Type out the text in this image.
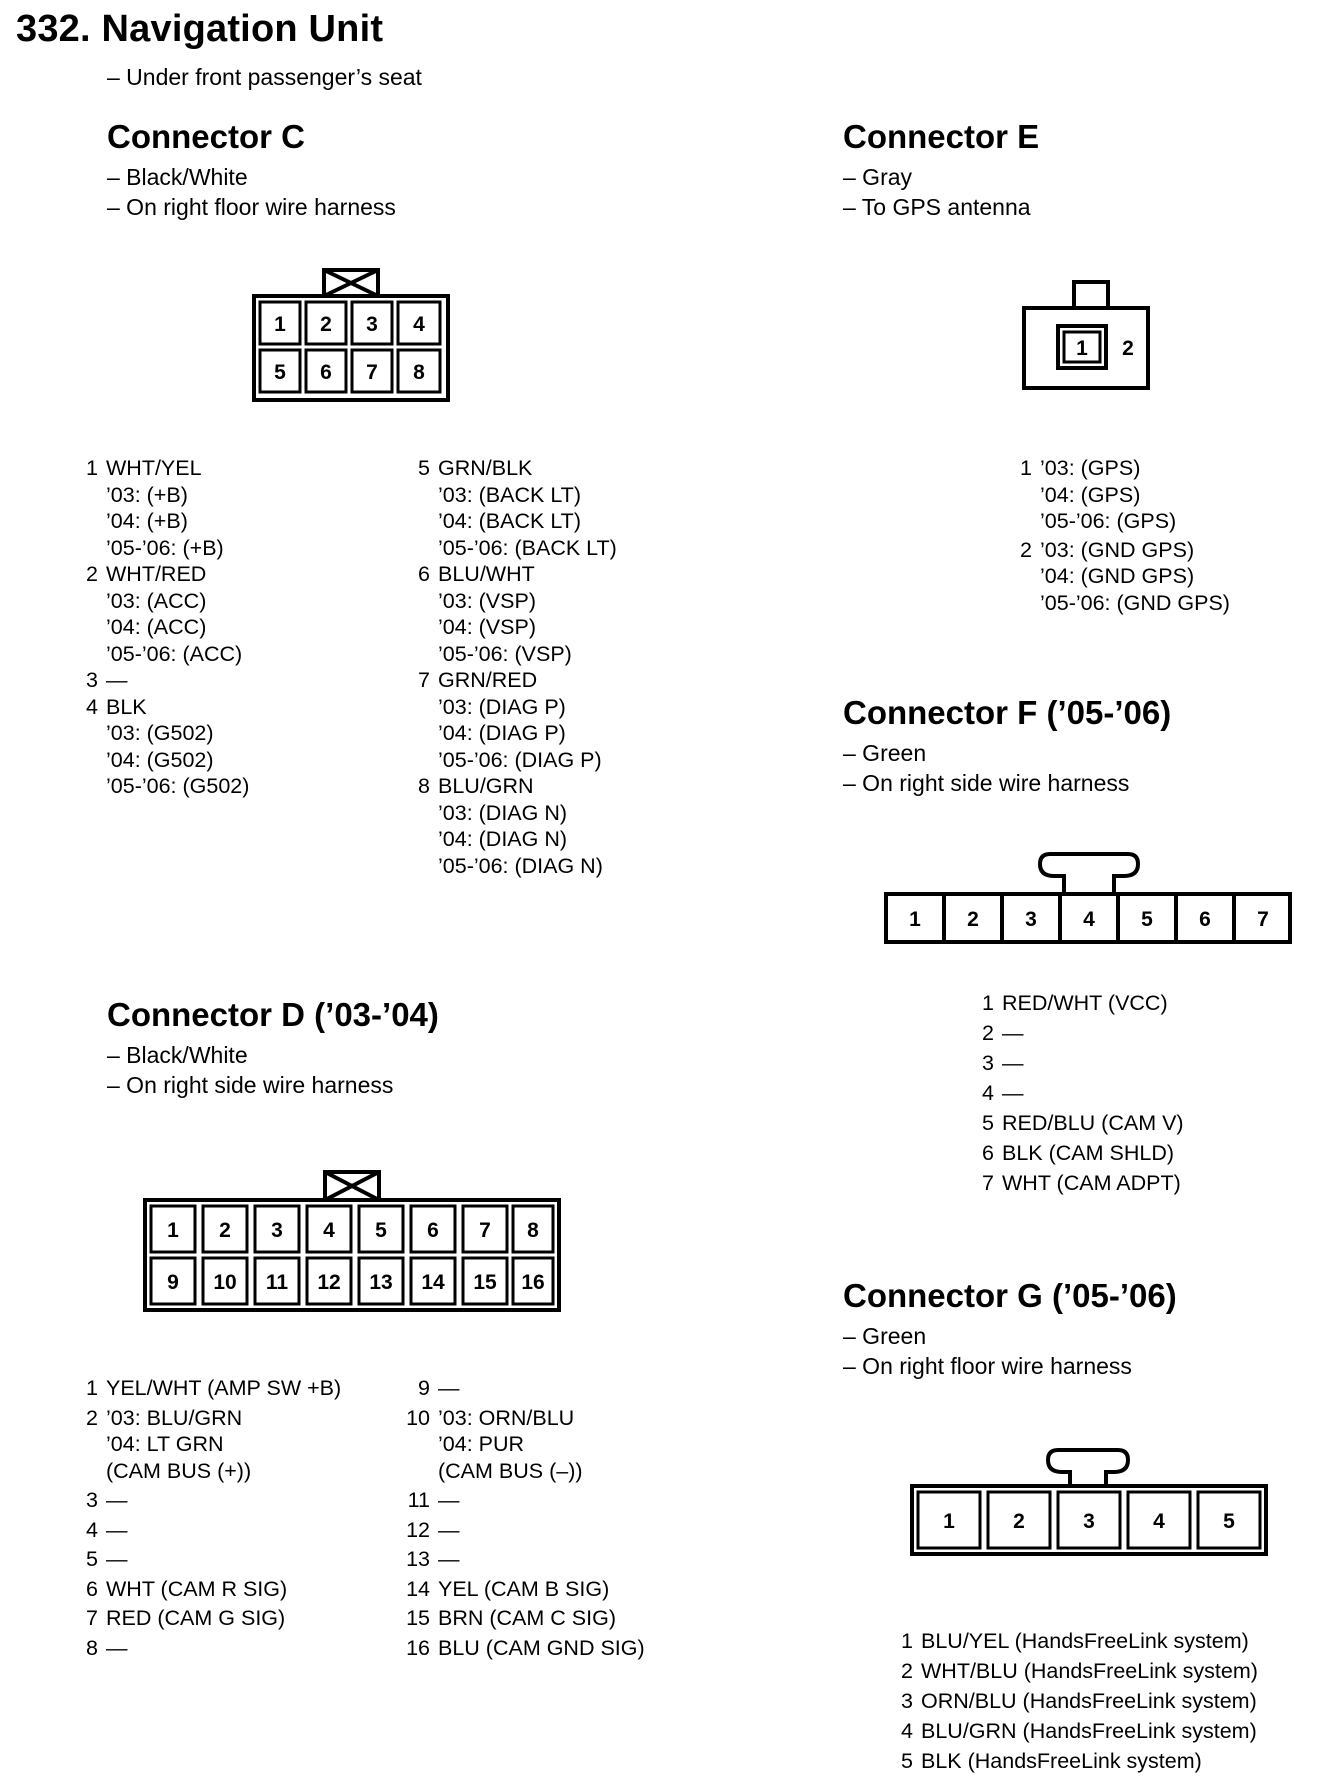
332. Navigation Unit
– Under front passenger’s seat
Connector C
– Black/White
– On right floor wire harness
1 2 3 4
5 6 7 8
1 WHT/YEL
’03: (+B)
’04: (+B)
’05-’06: (+B)
2 WHT/RED
’03: (ACC)
’04: (ACC)
’05-’06: (ACC)
3 —
4 BLK
’03: (G502)
’04: (G502)
’05-’06: (G502)
5 GRN/BLK
’03: (BACK LT)
’04: (BACK LT)
’05-’06: (BACK LT)
6 BLU/WHT
’03: (VSP)
’04: (VSP)
’05-’06: (VSP)
7 GRN/RED
’03: (DIAG P)
’04: (DIAG P)
’05-’06: (DIAG P)
8 BLU/GRN
’03: (DIAG N)
’04: (DIAG N)
’05-’06: (DIAG N)
Connector E
– Gray
– To GPS antenna
1 2
1 ’03: (GPS)
’04: (GPS)
’05-’06: (GPS)
2 ’03: (GND GPS)
’04: (GND GPS)
’05-’06: (GND GPS)
Connector F (’05-’06)
– Green
– On right side wire harness
1 2 3 4 5 6 7
1 RED/WHT (VCC)
2 —
3 —
4 —
5 RED/BLU (CAM V)
6 BLK (CAM SHLD)
7 WHT (CAM ADPT)
Connector D (’03-’04)
– Black/White
– On right side wire harness
1 2 3 4 5 6 7 8
9 10 11 12 13 14 15 16
1 YEL/WHT (AMP SW +B)
2 ’03: BLU/GRN
’04: LT GRN
(CAM BUS (+))
3 —
4 —
5 —
6 WHT (CAM R SIG)
7 RED (CAM G SIG)
8 —
9 —
10 ’03: ORN/BLU
’04: PUR
(CAM BUS (–))
11 —
12 —
13 —
14 YEL (CAM B SIG)
15 BRN (CAM C SIG)
16 BLU (CAM GND SIG)
Connector G (’05-’06)
– Green
– On right floor wire harness
1	2	3	4	5
1 BLU/YEL (HandsFreeLink system)
2 WHT/BLU (HandsFreeLink system)
3 ORN/BLU (HandsFreeLink system)
4 BLU/GRN (HandsFreeLink system)
5 BLK (HandsFreeLink system)
